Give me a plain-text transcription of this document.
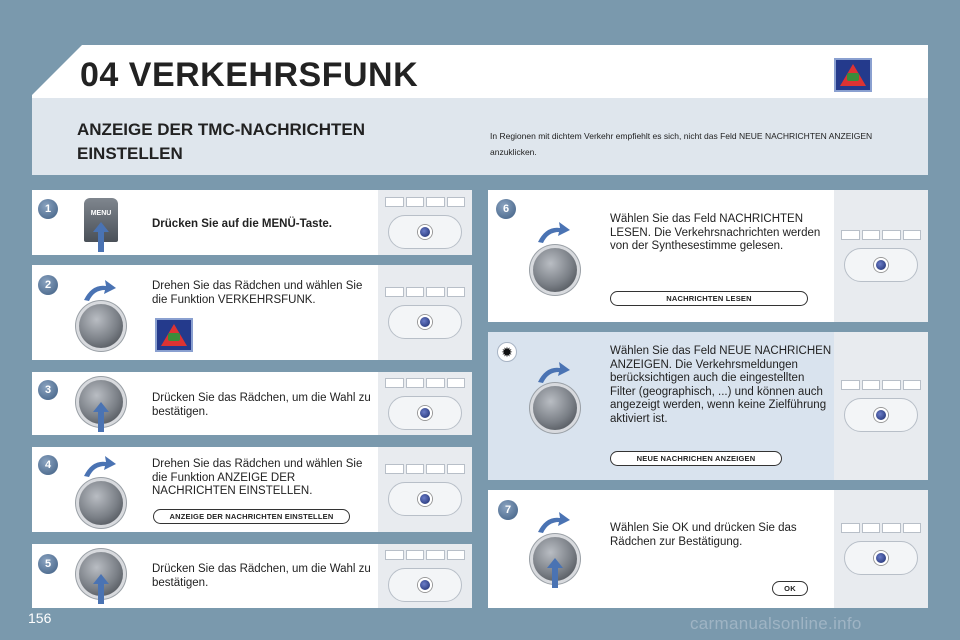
04 VERKEHRSFUNK
ANZEIGE DER TMC-NACHRICHTEN EINSTELLEN
In Regionen mit dichtem Verkehr empfiehlt es sich, nicht das Feld NEUE NACHRICHTEN ANZEIGEN anzuklicken.
1	MENU
Drücken Sie auf die MENÜ-Taste.
2	Drehen Sie das Rädchen und wählen Sie die Funktion VERKEHRSFUNK.
3
Drücken Sie das Rädchen, um die Wahl zu bestätigen.
4	Drehen Sie das Rädchen und wählen Sie die Funktion ANZEIGE DER NACHRICHTEN EINSTELLEN.
ANZEIGE DER NACHRICHTEN EINSTELLEN
5	Drücken Sie das Rädchen, um die Wahl zu bestätigen.
6
Wählen Sie das Feld NACHRICHTEN LESEN. Die Verkehrsnachrichten werden von der Synthesestimme gelesen.
NACHRICHTEN LESEN
✹	Wählen Sie das Feld NEUE NACHRICHEN ANZEIGEN. Die Verkehrsmeldungen berücksichtigen auch die eingestellten Filter (geographisch, ...) und können auch angezeigt werden, wenn keine Zielführung aktiviert ist.
NEUE NACHRICHEN ANZEIGEN
7
Wählen Sie OK und drücken Sie das Rädchen zur Bestätigung.
OK
156	carmanualsonline.info
